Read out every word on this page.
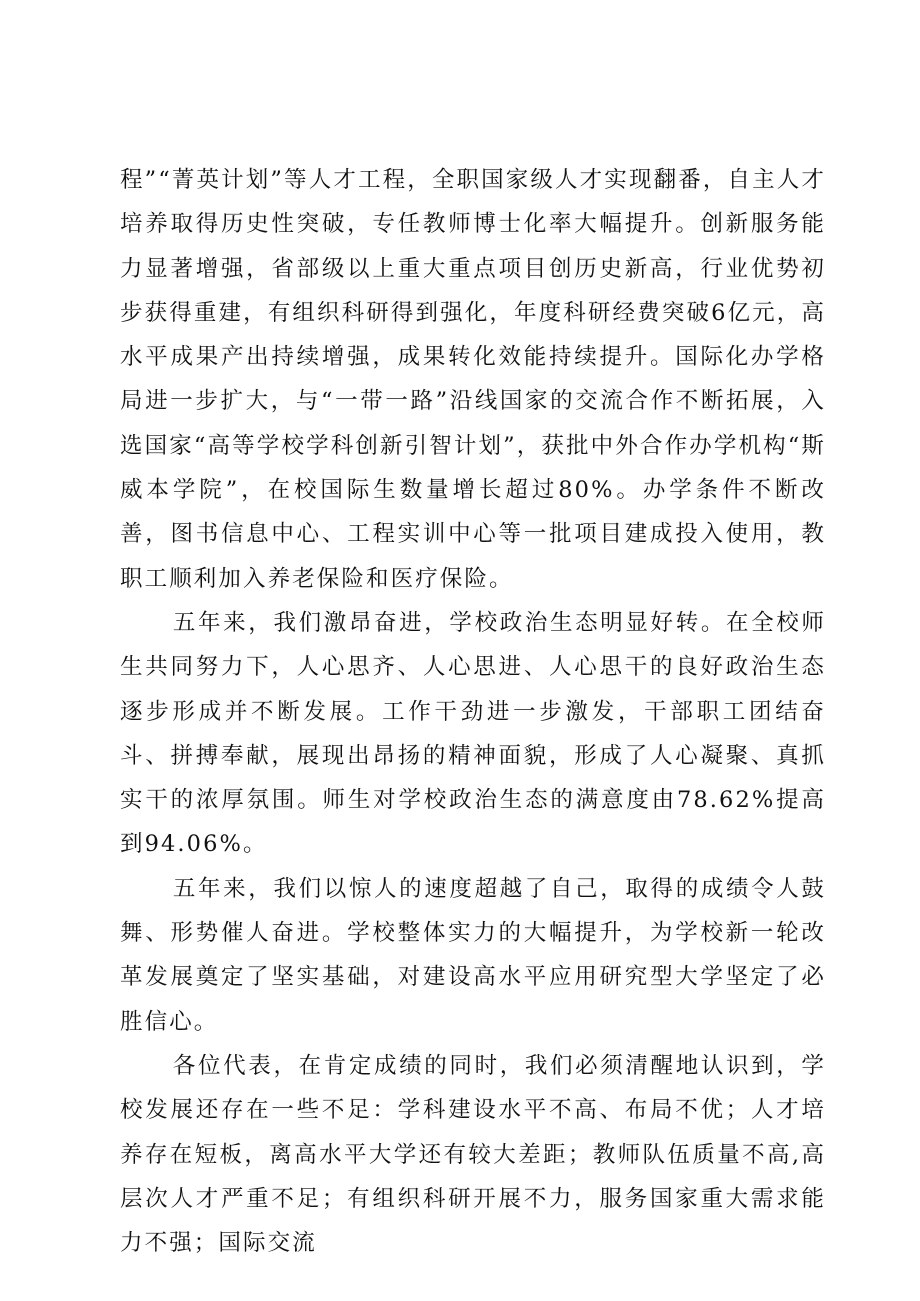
程”“菁英计划”等人才工程，全职国家级人才实现翻番，自主人才培养取得历史性突破，专任教师博士化率大幅提升。创新服务能力显著增强，省部级以上重大重点项目创历史新高，行业优势初步获得重建，有组织科研得到强化，年度科研经费突破6亿元，高水平成果产出持续增强，成果转化效能持续提升。国际化办学格局进一步扩大，与“一带一路”沿线国家的交流合作不断拓展，入选国家“高等学校学科创新引智计划”，获批中外合作办学机构“斯威本学院”，在校国际生数量增长超过80%。办学条件不断改善，图书信息中心、工程实训中心等一批项目建成投入使用，教职工顺利加入养老保险和医疗保险。

五年来，我们激昂奋进，学校政治生态明显好转。在全校师生共同努力下，人心思齐、人心思进、人心思干的良好政治生态逐步形成并不断发展。工作干劲进一步激发，干部职工团结奋斗、拼搏奉献，展现出昂扬的精神面貌，形成了人心凝聚、真抓实干的浓厚氛围。师生对学校政治生态的满意度由78.62%提高到94.06%。

五年来，我们以惊人的速度超越了自己，取得的成绩令人鼓舞、形势催人奋进。学校整体实力的大幅提升，为学校新一轮改革发展奠定了坚实基础，对建设高水平应用研究型大学坚定了必胜信心。

各位代表，在肯定成绩的同时，我们必须清醒地认识到，学校发展还存在一些不足：学科建设水平不高、布局不优；人才培养存在短板，离高水平大学还有较大差距；教师队伍质量不高,高层次人才严重不足；有组织科研开展不力，服务国家重大需求能力不强；国际交流
